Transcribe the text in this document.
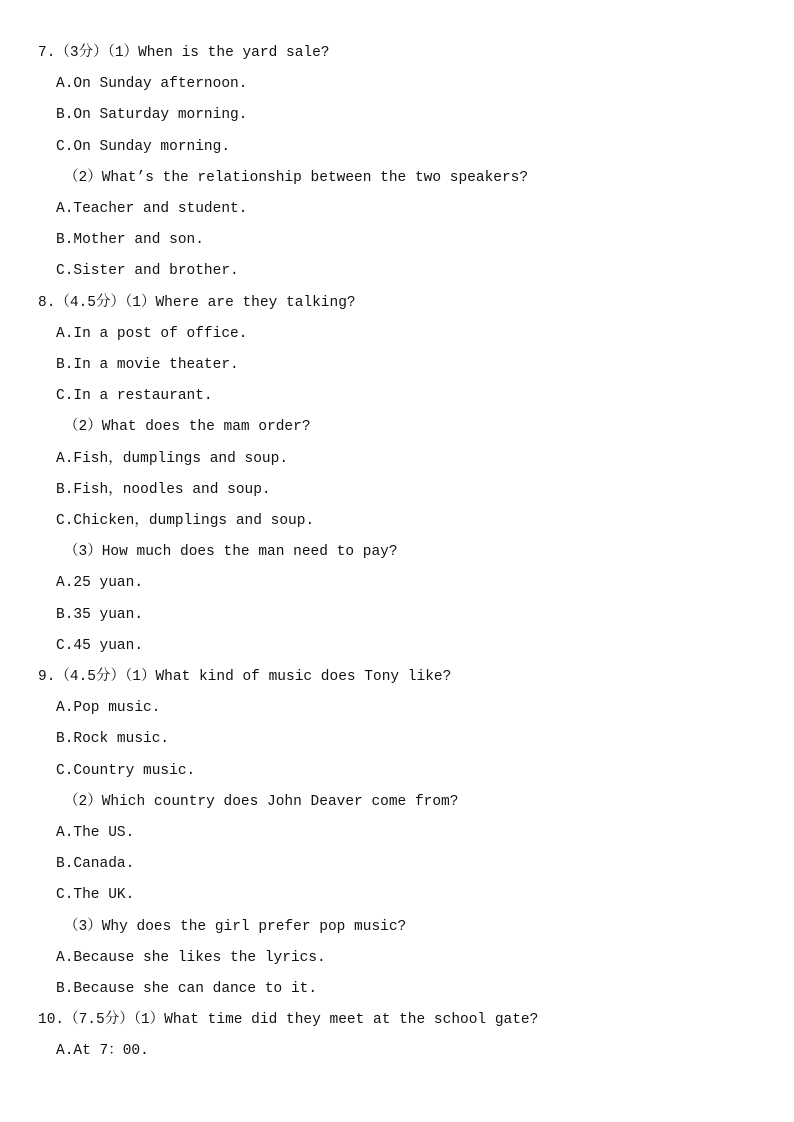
7.（3分）（1）When is the yard sale?
A.On Sunday afternoon.
B.On Saturday morning.
C.On Sunday morning.
（2）What’s the relationship between the two speakers?
A.Teacher and student.
B.Mother and son.
C.Sister and brother.
8.（4.5分）（1）Where are they talking?
A.In a post of office.
B.In a movie theater.
C.In a restaurant.
（2）What does the mam order?
A.Fish，dumplings and soup.
B.Fish，noodles and soup.
C.Chicken，dumplings and soup.
（3）How much does the man need to pay?
A.25 yuan.
B.35 yuan.
C.45 yuan.
9.（4.5分）（1）What kind of music does Tony like?
A.Pop music.
B.Rock music.
C.Country music.
（2）Which country does John Deaver come from?
A.The US.
B.Canada.
C.The UK.
（3）Why does the girl prefer pop music?
A.Because she likes the lyrics.
B.Because she can dance to it.
10.（7.5分）（1）What time did they meet at the school gate?
A.At 7：00.
